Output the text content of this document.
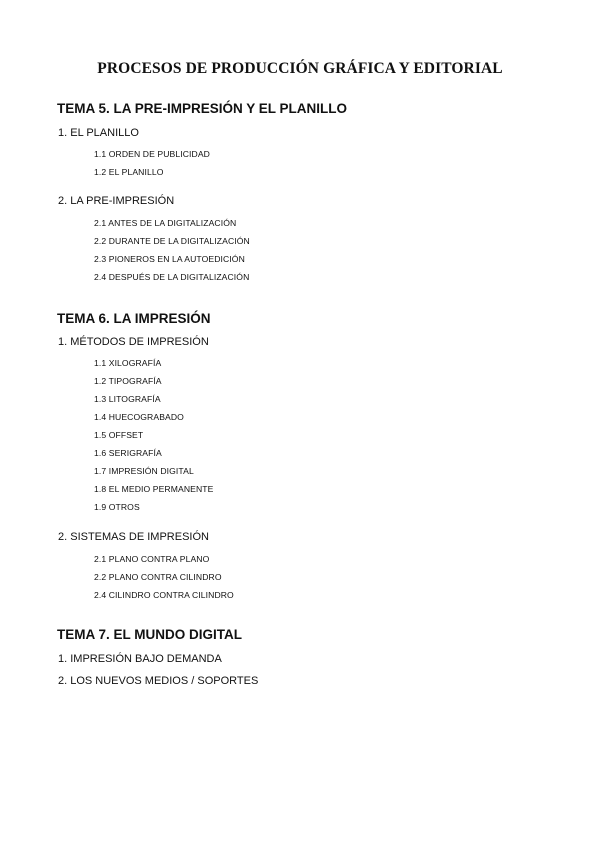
PROCESOS DE PRODUCCIÓN GRÁFICA Y EDITORIAL
TEMA 5. LA PRE-IMPRESIÓN Y EL PLANILLO
1. EL PLANILLO
1.1 ORDEN DE PUBLICIDAD
1.2 EL PLANILLO
2. LA PRE-IMPRESIÓN
2.1 ANTES DE LA DIGITALIZACIÓN
2.2 DURANTE DE LA DIGITALIZACIÓN
2.3 PIONEROS EN LA AUTOEDICIÓN
2.4 DESPUÉS DE LA DIGITALIZACIÓN
TEMA 6. LA IMPRESIÓN
1. MÉTODOS DE IMPRESIÓN
1.1 XILOGRAFÍA
1.2 TIPOGRAFÍA
1.3 LITOGRAFÍA
1.4 HUECOGRABADO
1.5 OFFSET
1.6 SERIGRAFÍA
1.7 IMPRESIÓN DIGITAL
1.8 EL MEDIO PERMANENTE
1.9 OTROS
2. SISTEMAS DE IMPRESIÓN
2.1 PLANO CONTRA PLANO
2.2 PLANO CONTRA CILINDRO
2.4 CILINDRO CONTRA CILINDRO
TEMA 7. EL MUNDO DIGITAL
1. IMPRESIÓN BAJO DEMANDA
2. LOS NUEVOS MEDIOS / SOPORTES
